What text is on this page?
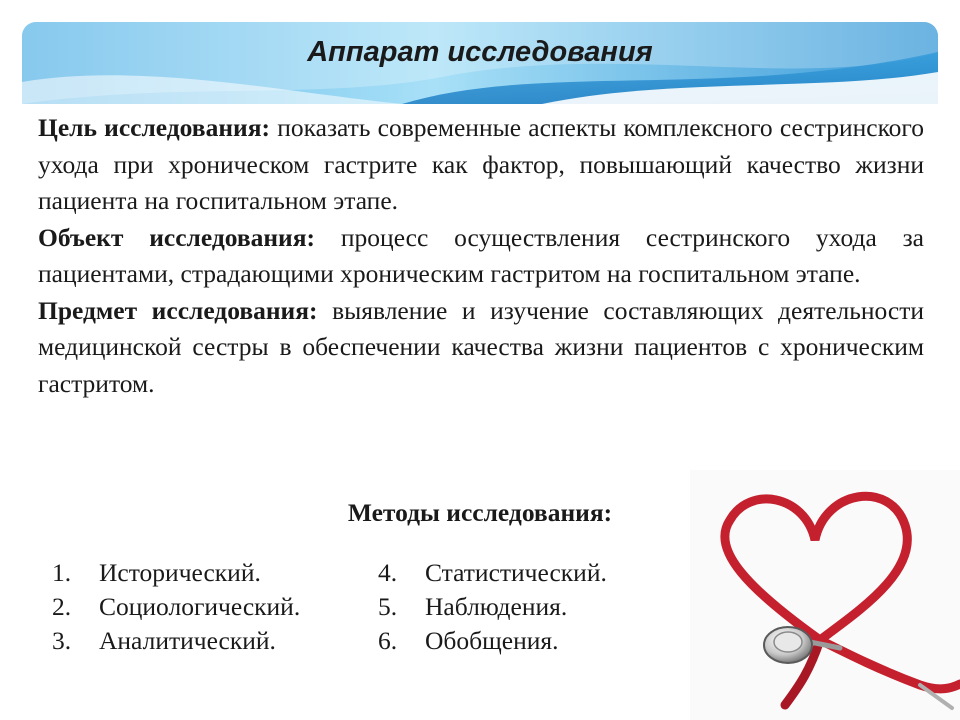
Аппарат исследования

Цель исследования: показать современные аспекты комплексного сестринского ухода при хроническом гастрите как фактор, повышающий качество жизни пациента на госпитальном этапе.

Объект исследования: процесс осуществления сестринского ухода за пациентами, страдающими хроническим гастритом на госпитальном этапе.

Предмет исследования: выявление и изучение составляющих деятельности медицинской сестры в обеспечении качества жизни пациентов с хроническим гастритом.

Методы исследования:
1.	Исторический.
2.	Социологический.
3.	Аналитический.
4.	Статистический.
5.	Наблюдения.
6.	Обобщения.
